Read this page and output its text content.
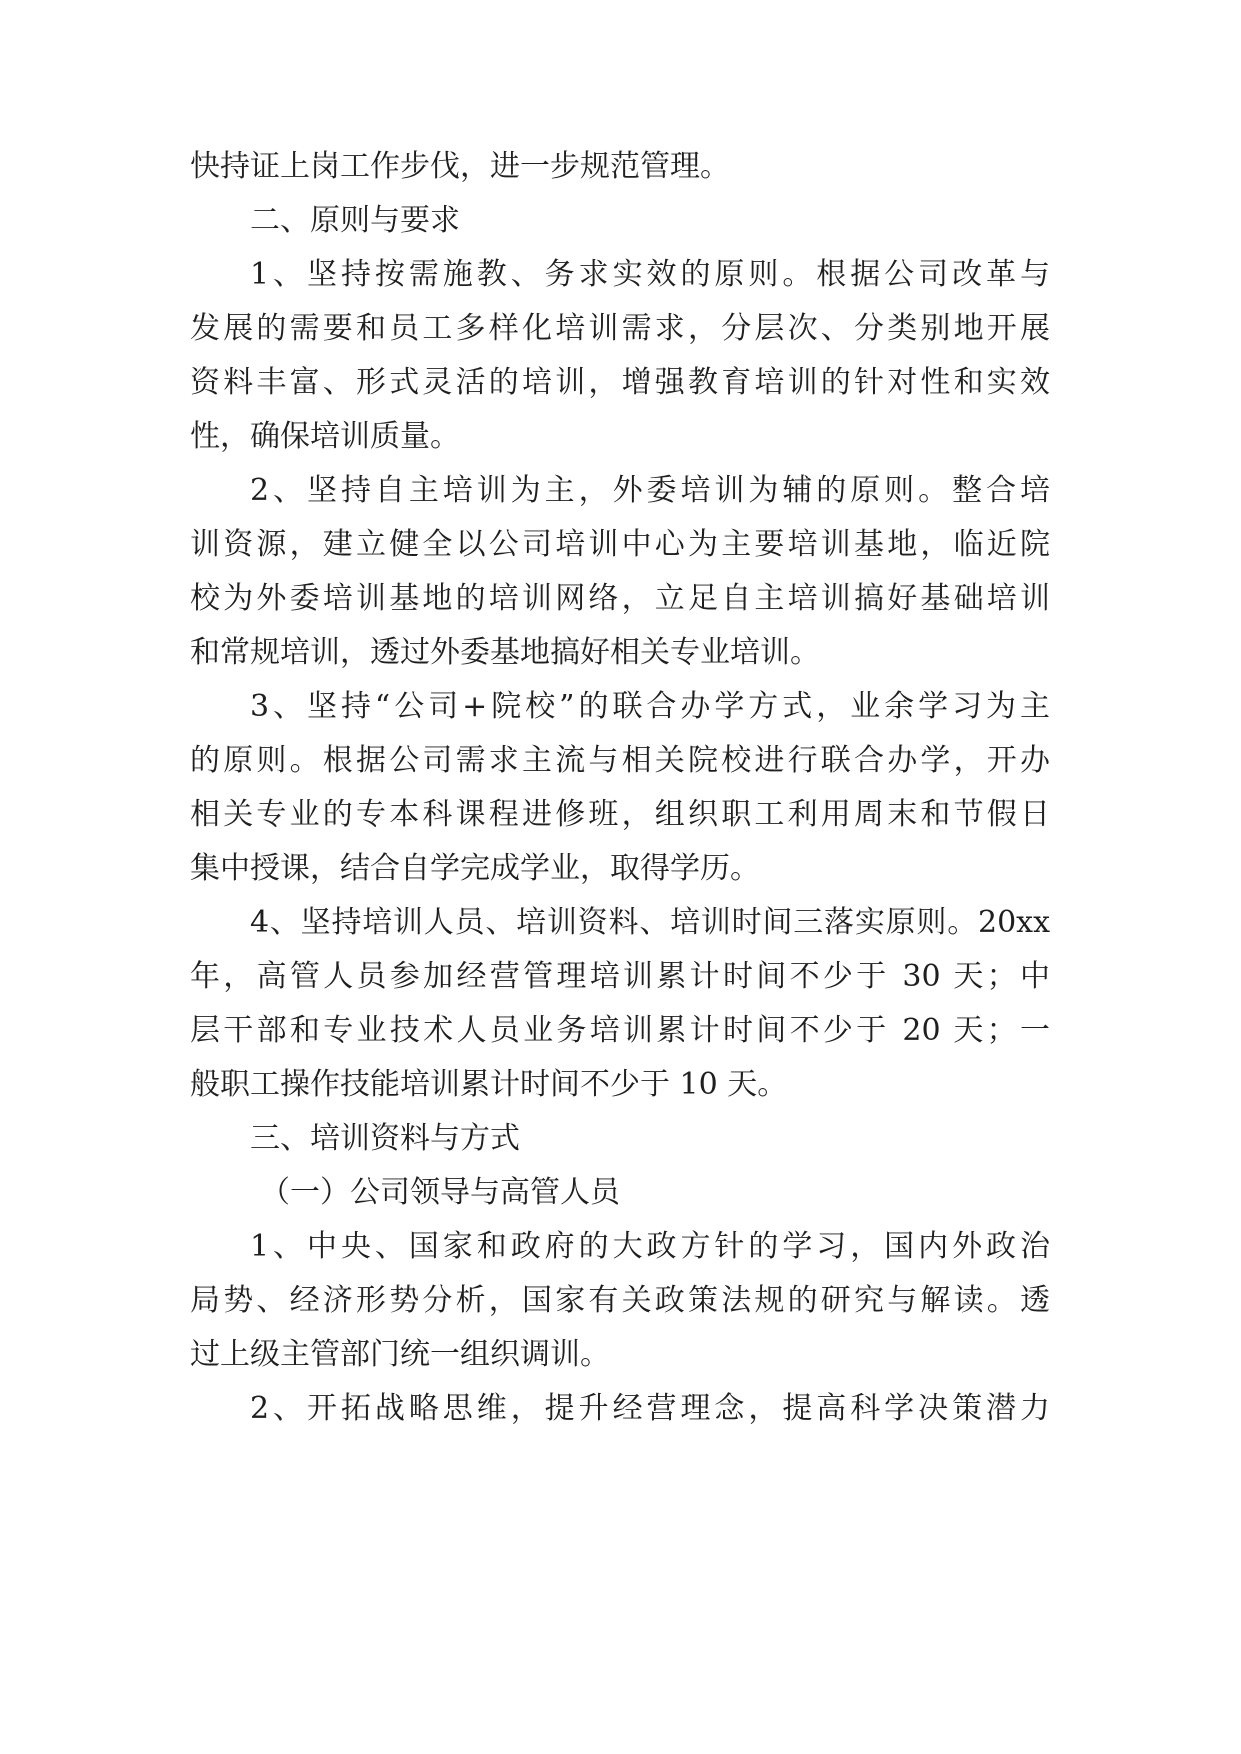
快持证上岗工作步伐，进一步规范管理。
二、原则与要求
1、坚持按需施教、务求实效的原则。根据公司改革与
发展的需要和员工多样化培训需求，分层次、分类别地开展
资料丰富、形式灵活的培训，增强教育培训的针对性和实效
性，确保培训质量。
2、坚持自主培训为主，外委培训为辅的原则。整合培
训资源，建立健全以公司培训中心为主要培训基地，临近院
校为外委培训基地的培训网络，立足自主培训搞好基础培训
和常规培训，透过外委基地搞好相关专业培训。
3、坚持“公司+院校”的联合办学方式，业余学习为主
的原则。根据公司需求主流与相关院校进行联合办学，开办
相关专业的专本科课程进修班，组织职工利用周末和节假日
集中授课，结合自学完成学业，取得学历。
4、坚持培训人员、培训资料、培训时间三落实原则。20xx
年，高管人员参加经营管理培训累计时间不少于 30 天；中
层干部和专业技术人员业务培训累计时间不少于 20 天；一
般职工操作技能培训累计时间不少于 10 天。
三、培训资料与方式
（一）公司领导与高管人员
1、中央、国家和政府的大政方针的学习，国内外政治
局势、经济形势分析，国家有关政策法规的研究与解读。透
过上级主管部门统一组织调训。
2、开拓战略思维，提升经营理念，提高科学决策潜力
